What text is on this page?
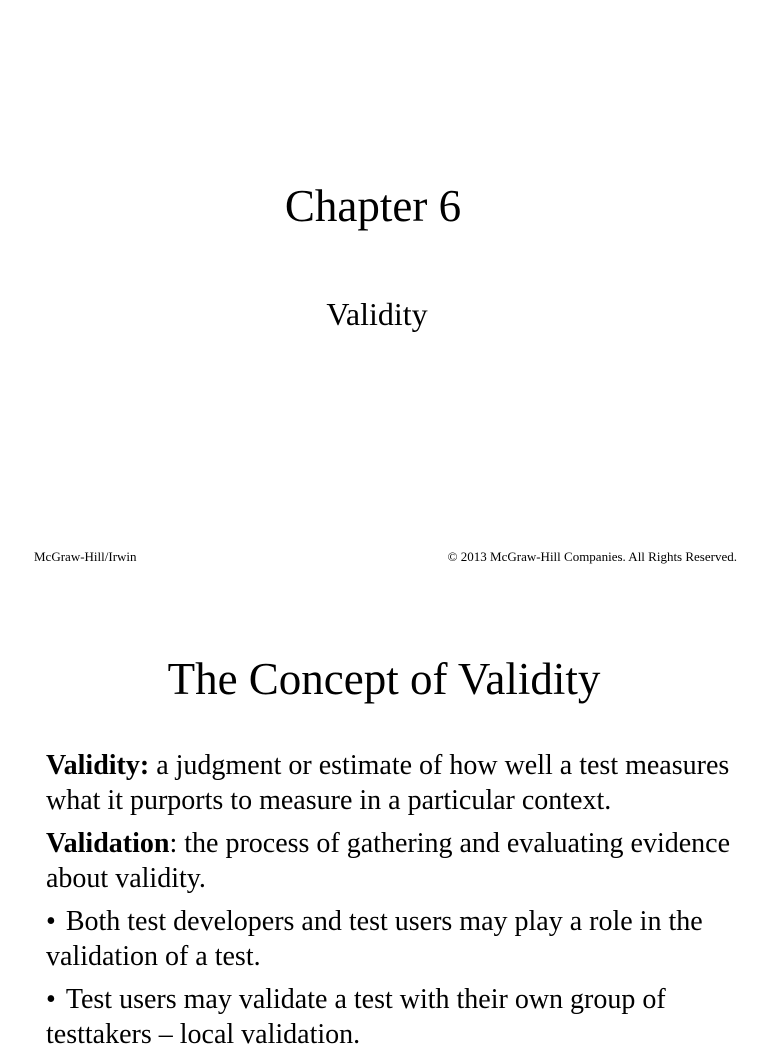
Chapter 6
Validity
McGraw-Hill/Irwin	© 2013 McGraw-Hill Companies. All Rights Reserved.
The Concept of Validity

Validity: a judgment or estimate of how well a test measures what it purports to measure in a particular context.

Validation: the process of gathering and evaluating evidence about validity.

• Both test developers and test users may play a role in the validation of a test.

• Test users may validate a test with their own group of testtakers – local validation.
